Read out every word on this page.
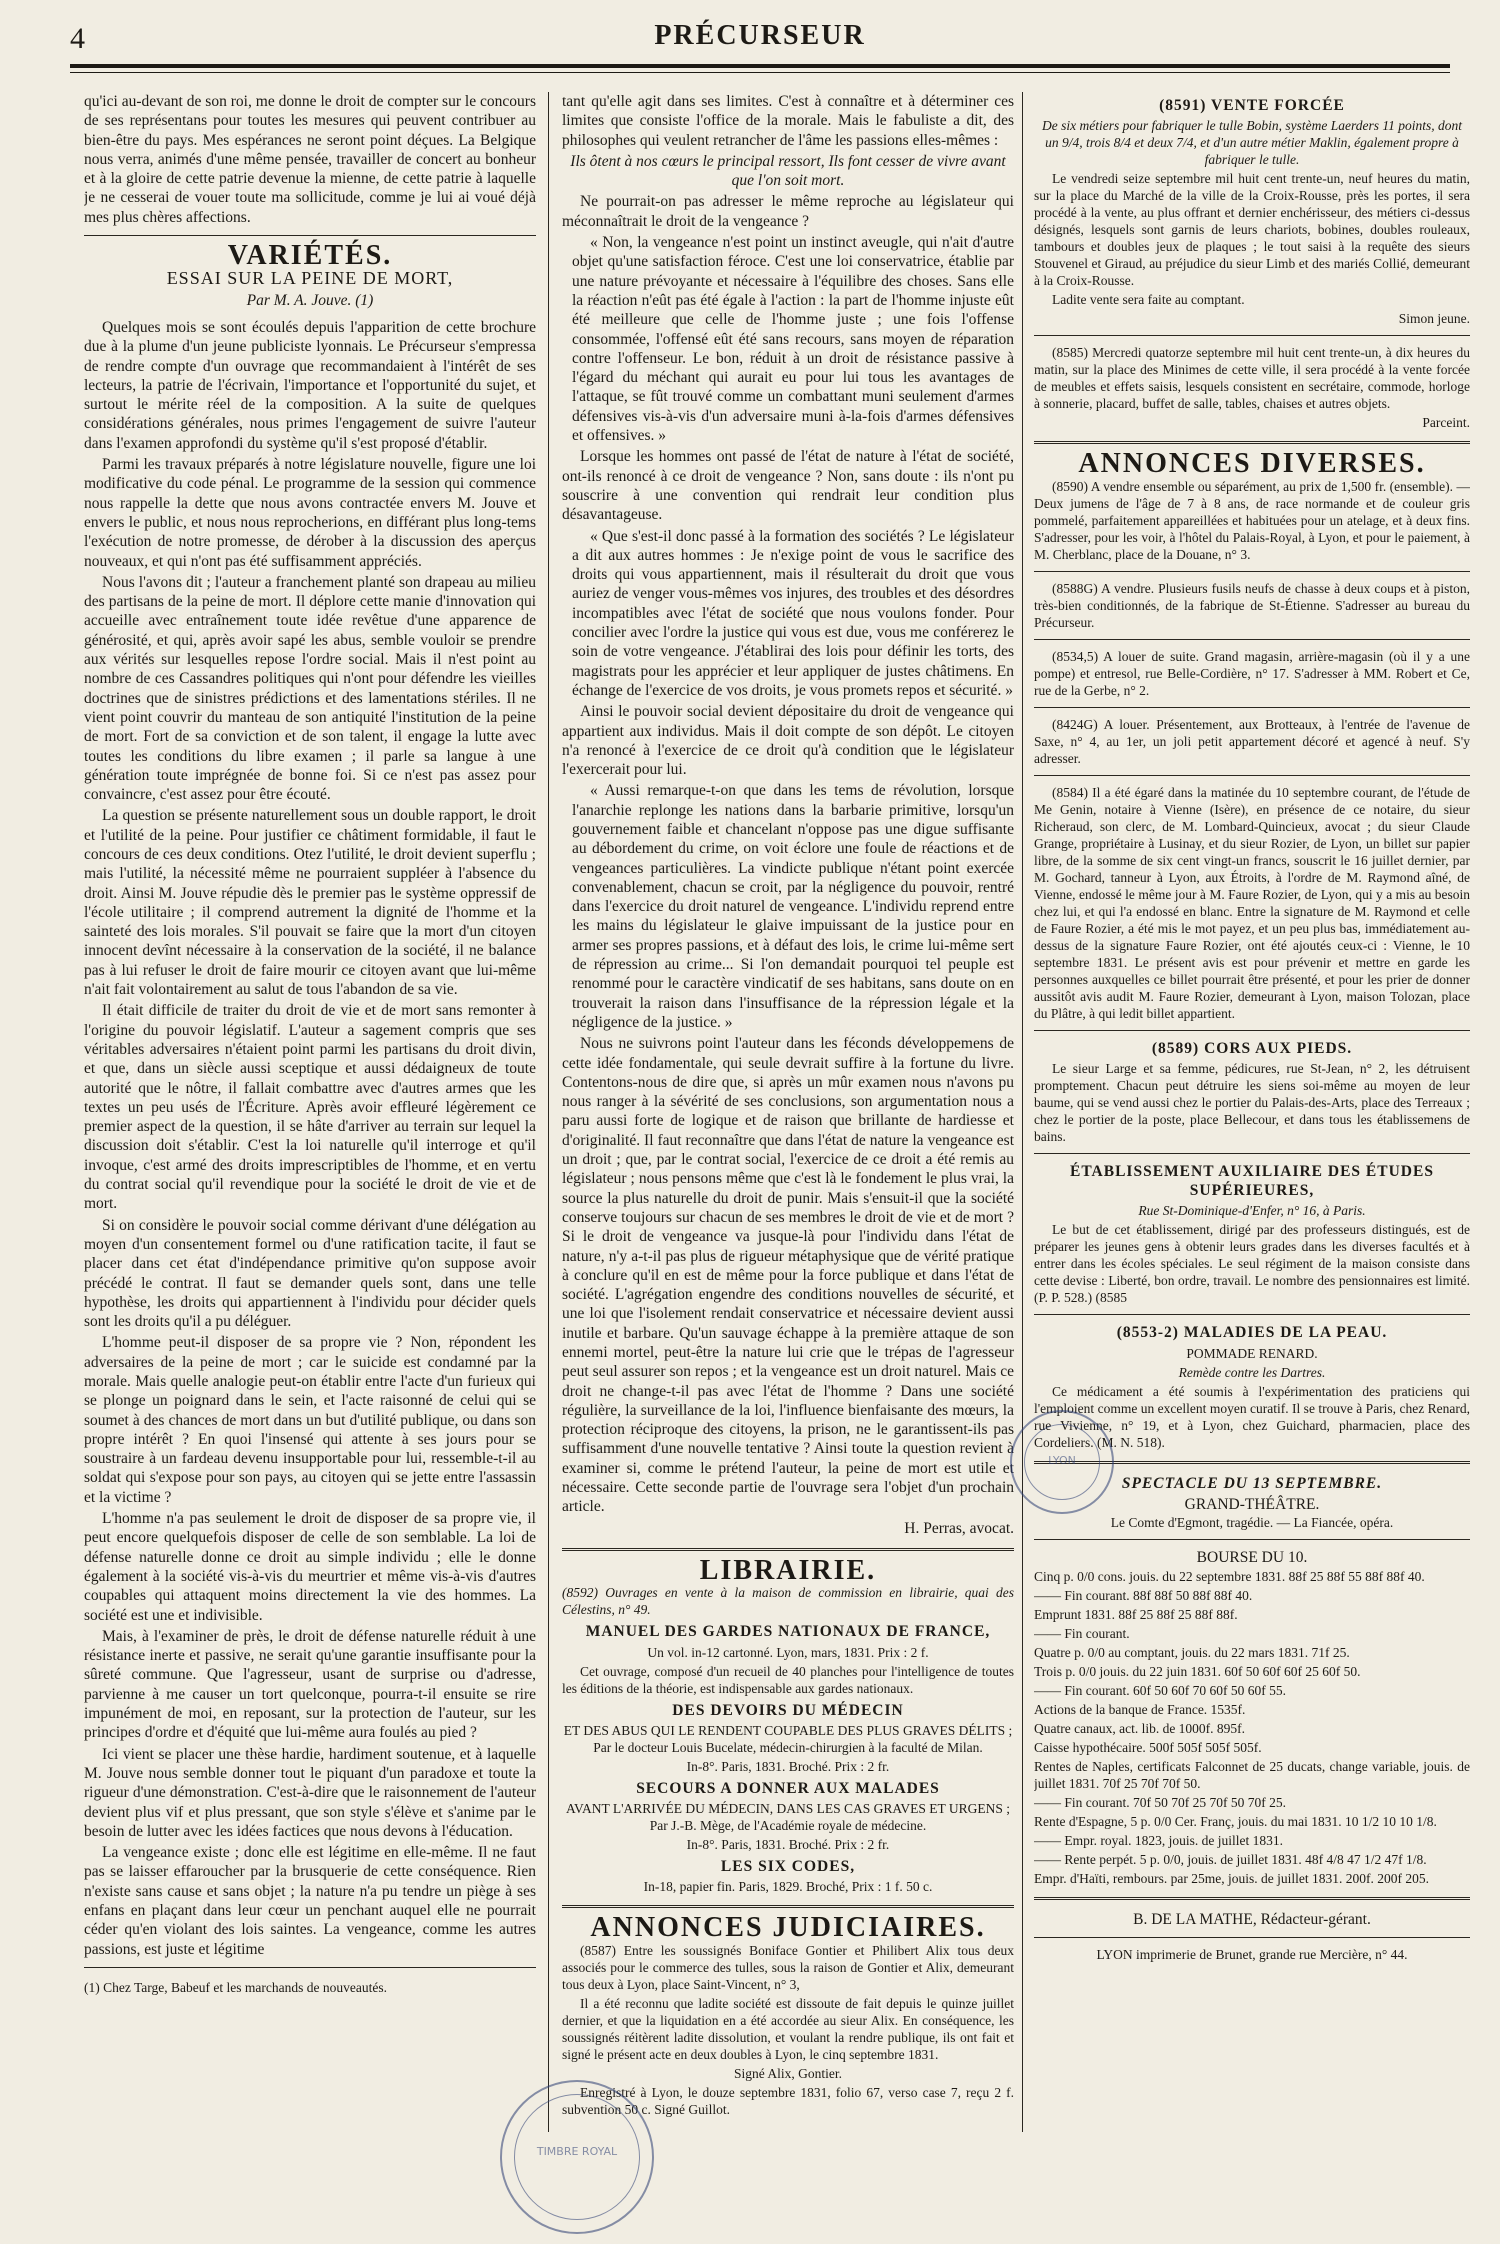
4	PRÉCURSEUR

qu'ici au-devant de son roi, me donne le droit de compter sur le concours de ses représentans pour toutes les mesures qui peuvent contribuer au bien-être du pays. Mes espérances ne seront point déçues. La Belgique nous verra, animés d'une même pensée, travailler de concert au bonheur et à la gloire de cette patrie devenue la mienne, de cette patrie à laquelle je ne cesserai de vouer toute ma sollicitude, comme je lui ai voué déjà mes plus chères affections.

VARIÉTÉS.
ESSAI SUR LA PEINE DE MORT,
Par M. A. Jouve. (1)

Quelques mois se sont écoulés depuis l'apparition de cette brochure due à la plume d'un jeune publiciste lyonnais. Le Précurseur s'empressa de rendre compte d'un ouvrage que recommandaient à l'intérêt de ses lecteurs, la patrie de l'écrivain, l'importance et l'opportunité du sujet, et surtout le mérite réel de la composition. A la suite de quelques considérations générales, nous primes l'engagement de suivre l'auteur dans l'examen approfondi du système qu'il s'est proposé d'établir.

Parmi les travaux préparés à notre législature nouvelle, figure une loi modificative du code pénal. Le programme de la session qui commence nous rappelle la dette que nous avons contractée envers M. Jouve et envers le public, et nous nous reprocherions, en différant plus long-tems l'exécution de notre promesse, de dérober à la discussion des aperçus nouveaux, et qui n'ont pas été suffisamment appréciés.

Nous l'avons dit ; l'auteur a franchement planté son drapeau au milieu des partisans de la peine de mort. Il déplore cette manie d'innovation qui accueille avec entraînement toute idée revêtue d'une apparence de générosité, et qui, après avoir sapé les abus, semble vouloir se prendre aux vérités sur lesquelles repose l'ordre social. Mais il n'est point au nombre de ces Cassandres politiques qui n'ont pour défendre les vieilles doctrines que de sinistres prédictions et des lamentations stériles. Il ne vient point couvrir du manteau de son antiquité l'institution de la peine de mort. Fort de sa conviction et de son talent, il engage la lutte avec toutes les conditions du libre examen ; il parle sa langue à une génération toute imprégnée de bonne foi. Si ce n'est pas assez pour convaincre, c'est assez pour être écouté.

La question se présente naturellement sous un double rapport, le droit et l'utilité de la peine. Pour justifier ce châtiment formidable, il faut le concours de ces deux conditions. Otez l'utilité, le droit devient superflu ; mais l'utilité, la nécessité même ne pourraient suppléer à l'absence du droit. Ainsi M. Jouve répudie dès le premier pas le système oppressif de l'école utilitaire ; il comprend autrement la dignité de l'homme et la sainteté des lois morales. S'il pouvait se faire que la mort d'un citoyen innocent devînt nécessaire à la conservation de la société, il ne balance pas à lui refuser le droit de faire mourir ce citoyen avant que lui-même n'ait fait volontairement au salut de tous l'abandon de sa vie.

Il était difficile de traiter du droit de vie et de mort sans remonter à l'origine du pouvoir législatif. L'auteur a sagement compris que ses véritables adversaires n'étaient point parmi les partisans du droit divin, et que, dans un siècle aussi sceptique et aussi dédaigneux de toute autorité que le nôtre, il fallait combattre avec d'autres armes que les textes un peu usés de l'Écriture. Après avoir effleuré légèrement ce premier aspect de la question, il se hâte d'arriver au terrain sur lequel la discussion doit s'établir. C'est la loi naturelle qu'il interroge et qu'il invoque, c'est armé des droits imprescriptibles de l'homme, et en vertu du contrat social qu'il revendique pour la société le droit de vie et de mort.

Si on considère le pouvoir social comme dérivant d'une délégation au moyen d'un consentement formel ou d'une ratification tacite, il faut se placer dans cet état d'indépendance primitive qu'on suppose avoir précédé le contrat. Il faut se demander quels sont, dans une telle hypothèse, les droits qui appartiennent à l'individu pour décider quels sont les droits qu'il a pu déléguer.

L'homme peut-il disposer de sa propre vie ? Non, répondent les adversaires de la peine de mort ; car le suicide est condamné par la morale. Mais quelle analogie peut-on établir entre l'acte d'un furieux qui se plonge un poignard dans le sein, et l'acte raisonné de celui qui se soumet à des chances de mort dans un but d'utilité publique, ou dans son propre intérêt ? En quoi l'insensé qui attente à ses jours pour se soustraire à un fardeau devenu insupportable pour lui, ressemble-t-il au soldat qui s'expose pour son pays, au citoyen qui se jette entre l'assassin et la victime ?

L'homme n'a pas seulement le droit de disposer de sa propre vie, il peut encore quelquefois disposer de celle de son semblable. La loi de défense naturelle donne ce droit au simple individu ; elle le donne également à la société vis-à-vis du meurtrier et même vis-à-vis d'autres coupables qui attaquent moins directement la vie des hommes. La société est une et indivisible.

Mais, à l'examiner de près, le droit de défense naturelle réduit à une résistance inerte et passive, ne serait qu'une garantie insuffisante pour la sûreté commune. Que l'agresseur, usant de surprise ou d'adresse, parvienne à me causer un tort quelconque, pourra-t-il ensuite se rire impunément de moi, en reposant, sur la protection de l'auteur, sur les principes d'ordre et d'équité que lui-même aura foulés au pied ?

Ici vient se placer une thèse hardie, hardiment soutenue, et à laquelle M. Jouve nous semble donner tout le piquant d'un paradoxe et toute la rigueur d'une démonstration. C'est-à-dire que le raisonnement de l'auteur devient plus vif et plus pressant, que son style s'élève et s'anime par le besoin de lutter avec les idées factices que nous devons à l'éducation.

La vengeance existe ; donc elle est légitime en elle-même. Il ne faut pas se laisser effaroucher par la brusquerie de cette conséquence. Rien n'existe sans cause et sans objet ; la nature n'a pu tendre un piège à ses enfans en plaçant dans leur cœur un penchant auquel elle ne pourrait céder qu'en violant des lois saintes. La vengeance, comme les autres passions, est juste et légitime

(1) Chez Targe, Babeuf et les marchands de nouveautés.

tant qu'elle agit dans ses limites. C'est à connaître et à déterminer ces limites que consiste l'office de la morale. Mais le fabuliste a dit, des philosophes qui veulent retrancher de l'âme les passions elles-mêmes :

Ils ôtent à nos cœurs le principal ressort, Ils font cesser de vivre avant que l'on soit mort.

Ne pourrait-on pas adresser le même reproche au législateur qui méconnaîtrait le droit de la vengeance ?

« Non, la vengeance n'est point un instinct aveugle, qui n'ait d'autre objet qu'une satisfaction féroce. C'est une loi conservatrice, établie par une nature prévoyante et nécessaire à l'équilibre des choses. Sans elle la réaction n'eût pas été égale à l'action : la part de l'homme injuste eût été meilleure que celle de l'homme juste ; une fois l'offense consommée, l'offensé eût été sans recours, sans moyen de réparation contre l'offenseur. Le bon, réduit à un droit de résistance passive à l'égard du méchant qui aurait eu pour lui tous les avantages de l'attaque, se fût trouvé comme un combattant muni seulement d'armes défensives vis-à-vis d'un adversaire muni à-la-fois d'armes défensives et offensives. »

Lorsque les hommes ont passé de l'état de nature à l'état de société, ont-ils renoncé à ce droit de vengeance ? Non, sans doute : ils n'ont pu souscrire à une convention qui rendrait leur condition plus désavantageuse.

« Que s'est-il donc passé à la formation des sociétés ? Le législateur a dit aux autres hommes : Je n'exige point de vous le sacrifice des droits qui vous appartiennent, mais il résulterait du droit que vous auriez de venger vous-mêmes vos injures, des troubles et des désordres incompatibles avec l'état de société que nous voulons fonder. Pour concilier avec l'ordre la justice qui vous est due, vous me conférerez le soin de votre vengeance. J'établirai des lois pour définir les torts, des magistrats pour les apprécier et leur appliquer de justes châtimens. En échange de l'exercice de vos droits, je vous promets repos et sécurité. »

Ainsi le pouvoir social devient dépositaire du droit de vengeance qui appartient aux individus. Mais il doit compte de son dépôt. Le citoyen n'a renoncé à l'exercice de ce droit qu'à condition que le législateur l'exercerait pour lui.

« Aussi remarque-t-on que dans les tems de révolution, lorsque l'anarchie replonge les nations dans la barbarie primitive, lorsqu'un gouvernement faible et chancelant n'oppose pas une digue suffisante au débordement du crime, on voit éclore une foule de réactions et de vengeances particulières. La vindicte publique n'étant point exercée convenablement, chacun se croit, par la négligence du pouvoir, rentré dans l'exercice du droit naturel de vengeance. L'individu reprend entre les mains du législateur le glaive impuissant de la justice pour en armer ses propres passions, et à défaut des lois, le crime lui-même sert de répression au crime... Si l'on demandait pourquoi tel peuple est renommé pour le caractère vindicatif de ses habitans, sans doute on en trouverait la raison dans l'insuffisance de la répression légale et la négligence de la justice. »

Nous ne suivrons point l'auteur dans les féconds développemens de cette idée fondamentale, qui seule devrait suffire à la fortune du livre. Contentons-nous de dire que, si après un mûr examen nous n'avons pu nous ranger à la sévérité de ses conclusions, son argumentation nous a paru aussi forte de logique et de raison que brillante de hardiesse et d'originalité. Il faut reconnaître que dans l'état de nature la vengeance est un droit ; que, par le contrat social, l'exercice de ce droit a été remis au législateur ; nous pensons même que c'est là le fondement le plus vrai, la source la plus naturelle du droit de punir. Mais s'ensuit-il que la société conserve toujours sur chacun de ses membres le droit de vie et de mort ? Si le droit de vengeance va jusque-là pour l'individu dans l'état de nature, n'y a-t-il pas plus de rigueur métaphysique que de vérité pratique à conclure qu'il en est de même pour la force publique et dans l'état de société. L'agrégation engendre des conditions nouvelles de sécurité, et une loi que l'isolement rendait conservatrice et nécessaire devient aussi inutile et barbare. Qu'un sauvage échappe à la première attaque de son ennemi mortel, peut-être la nature lui crie que le trépas de l'agresseur peut seul assurer son repos ; et la vengeance est un droit naturel. Mais ce droit ne change-t-il pas avec l'état de l'homme ? Dans une société régulière, la surveillance de la loi, l'influence bienfaisante des mœurs, la protection réciproque des citoyens, la prison, ne le garantissent-ils pas suffisamment d'une nouvelle tentative ? Ainsi toute la question revient à examiner si, comme le prétend l'auteur, la peine de mort est utile et nécessaire. Cette seconde partie de l'ouvrage sera l'objet d'un prochain article.

H. Perras, avocat.

LIBRAIRIE.

(8592) Ouvrages en vente à la maison de commission en librairie, quai des Célestins, n° 49.

MANUEL DES GARDES NATIONAUX DE FRANCE,

Un vol. in-12 cartonné. Lyon, mars, 1831. Prix : 2 f.

Cet ouvrage, composé d'un recueil de 40 planches pour l'intelligence de toutes les éditions de la théorie, est indispensable aux gardes nationaux.

DES DEVOIRS DU MÉDECIN

ET DES ABUS QUI LE RENDENT COUPABLE DES PLUS GRAVES DÉLITS ; Par le docteur Louis Bucelate, médecin-chirurgien à la faculté de Milan.

In-8°. Paris, 1831. Broché. Prix : 2 fr.

SECOURS A DONNER AUX MALADES

AVANT L'ARRIVÉE DU MÉDECIN, DANS LES CAS GRAVES ET URGENS ; Par J.-B. Mège, de l'Académie royale de médecine.

In-8°. Paris, 1831. Broché. Prix : 2 fr.

LES SIX CODES,

In-18, papier fin. Paris, 1829. Broché, Prix : 1 f. 50 c.

ANNONCES JUDICIAIRES.

(8587) Entre les soussignés Boniface Gontier et Philibert Alix tous deux associés pour le commerce des tulles, sous la raison de Gontier et Alix, demeurant tous deux à Lyon, place Saint-Vincent, n° 3,

Il a été reconnu que ladite société est dissoute de fait depuis le quinze juillet dernier, et que la liquidation en a été accordée au sieur Alix. En conséquence, les soussignés réitèrent ladite dissolution, et voulant la rendre publique, ils ont fait et signé le présent acte en deux doubles à Lyon, le cinq septembre 1831.

Signé Alix, Gontier.

Enregistré à Lyon, le douze septembre 1831, folio 67, verso case 7, reçu 2 f. subvention 50 c. Signé Guillot.

(8591) VENTE FORCÉE

De six métiers pour fabriquer le tulle Bobin, système Laerders 11 points, dont un 9/4, trois 8/4 et deux 7/4, et d'un autre métier Maklin, également propre à fabriquer le tulle.

Le vendredi seize septembre mil huit cent trente-un, neuf heures du matin, sur la place du Marché de la ville de la Croix-Rousse, près les portes, il sera procédé à la vente, au plus offrant et dernier enchérisseur, des métiers ci-dessus désignés, lesquels sont garnis de leurs chariots, bobines, doubles rouleaux, tambours et doubles jeux de plaques ; le tout saisi à la requête des sieurs Stouvenel et Giraud, au préjudice du sieur Limb et des mariés Collié, demeurant à la Croix-Rousse.

Ladite vente sera faite au comptant.

Simon jeune.

(8585) Mercredi quatorze septembre mil huit cent trente-un, à dix heures du matin, sur la place des Minimes de cette ville, il sera procédé à la vente forcée de meubles et effets saisis, lesquels consistent en secrétaire, commode, horloge à sonnerie, placard, buffet de salle, tables, chaises et autres objets.

Parceint.

ANNONCES DIVERSES.

(8590) A vendre ensemble ou séparément, au prix de 1,500 fr. (ensemble). — Deux jumens de l'âge de 7 à 8 ans, de race normande et de couleur gris pommelé, parfaitement appareillées et habituées pour un atelage, et à deux fins. S'adresser, pour les voir, à l'hôtel du Palais-Royal, à Lyon, et pour le paiement, à M. Cherblanc, place de la Douane, n° 3.

(8588G) A vendre. Plusieurs fusils neufs de chasse à deux coups et à piston, très-bien conditionnés, de la fabrique de St-Étienne. S'adresser au bureau du Précurseur.

(8534,5) A louer de suite. Grand magasin, arrière-magasin (où il y a une pompe) et entresol, rue Belle-Cordière, n° 17. S'adresser à MM. Robert et Ce, rue de la Gerbe, n° 2.

(8424G) A louer. Présentement, aux Brotteaux, à l'entrée de l'avenue de Saxe, n° 4, au 1er, un joli petit appartement décoré et agencé à neuf. S'y adresser.

(8584) Il a été égaré dans la matinée du 10 septembre courant, de l'étude de Me Genin, notaire à Vienne (Isère), en présence de ce notaire, du sieur Richeraud, son clerc, de M. Lombard-Quincieux, avocat ; du sieur Claude Grange, propriétaire à Lusinay, et du sieur Rozier, de Lyon, un billet sur papier libre, de la somme de six cent vingt-un francs, souscrit le 16 juillet dernier, par M. Gochard, tanneur à Lyon, aux Étroits, à l'ordre de M. Raymond aîné, de Vienne, endossé le même jour à M. Faure Rozier, de Lyon, qui y a mis au besoin chez lui, et qui l'a endossé en blanc. Entre la signature de M. Raymond et celle de Faure Rozier, a été mis le mot payez, et un peu plus bas, immédiatement au-dessus de la signature Faure Rozier, ont été ajoutés ceux-ci : Vienne, le 10 septembre 1831. Le présent avis est pour prévenir et mettre en garde les personnes auxquelles ce billet pourrait être présenté, et pour les prier de donner aussitôt avis audit M. Faure Rozier, demeurant à Lyon, maison Tolozan, place du Plâtre, à qui ledit billet appartient.

(8589) CORS AUX PIEDS.

Le sieur Large et sa femme, pédicures, rue St-Jean, n° 2, les détruisent promptement. Chacun peut détruire les siens soi-même au moyen de leur baume, qui se vend aussi chez le portier du Palais-des-Arts, place des Terreaux ; chez le portier de la poste, place Bellecour, et dans tous les établissemens de bains.

ÉTABLISSEMENT AUXILIAIRE DES ÉTUDES SUPÉRIEURES,

Rue St-Dominique-d'Enfer, n° 16, à Paris.

Le but de cet établissement, dirigé par des professeurs distingués, est de préparer les jeunes gens à obtenir leurs grades dans les diverses facultés et à entrer dans les écoles spéciales. Le seul régiment de la maison consiste dans cette devise : Liberté, bon ordre, travail. Le nombre des pensionnaires est limité. (P. P. 528.) (8585

(8553-2) MALADIES DE LA PEAU.

POMMADE RENARD.

Remède contre les Dartres.

Ce médicament a été soumis à l'expérimentation des praticiens qui l'emploient comme un excellent moyen curatif. Il se trouve à Paris, chez Renard, rue Vivienne, n° 19, et à Lyon, chez Guichard, pharmacien, place des Cordeliers. (M. N. 518).

SPECTACLE DU 13 SEPTEMBRE.
GRAND-THÉÂTRE.

Le Comte d'Egmont, tragédie. — La Fiancée, opéra.

BOURSE DU 10.

Cinq p. 0/0 cons. jouis. du 22 septembre 1831. 88f 25 88f 55 88f 88f 40.

—— Fin courant. 88f 88f 50 88f 88f 40.

Emprunt 1831. 88f 25 88f 25 88f 88f.

—— Fin courant.

Quatre p. 0/0 au comptant, jouis. du 22 mars 1831. 71f 25.

Trois p. 0/0 jouis. du 22 juin 1831. 60f 50 60f 60f 25 60f 50.

—— Fin courant. 60f 50 60f 70 60f 50 60f 55.

Actions de la banque de France. 1535f.

Quatre canaux, act. lib. de 1000f. 895f.

Caisse hypothécaire. 500f 505f 505f 505f.

Rentes de Naples, certificats Falconnet de 25 ducats, change variable, jouis. de juillet 1831. 70f 25 70f 70f 50.

—— Fin courant. 70f 50 70f 25 70f 50 70f 25.

Rente d'Espagne, 5 p. 0/0 Cer. Franç, jouis. du mai 1831. 10 1/2 10 10 1/8.

—— Empr. royal. 1823, jouis. de juillet 1831.

—— Rente perpét. 5 p. 0/0, jouis. de juillet 1831. 48f 4/8 47 1/2 47f 1/8.

Empr. d'Haïti, rembours. par 25me, jouis. de juillet 1831. 200f. 200f 205.

B. DE LA MATHE, Rédacteur-gérant.
LYON imprimerie de Brunet, grande rue Mercière, n° 44.
TIMBRE ROYAL
LYON
